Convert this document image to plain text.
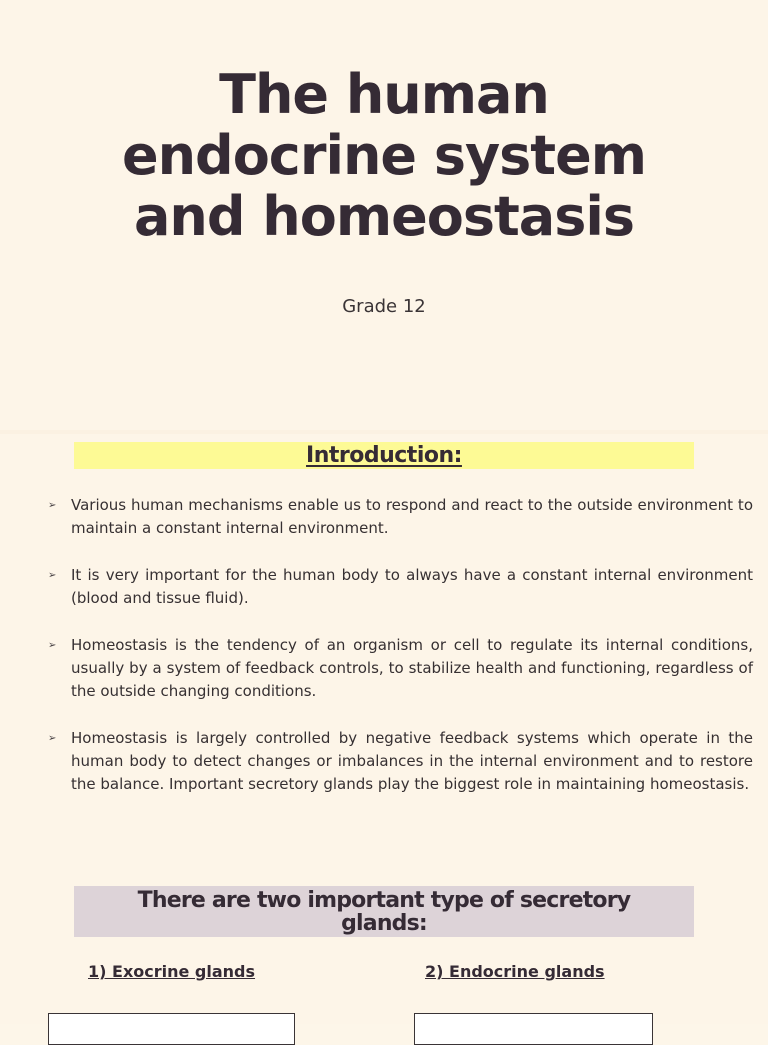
The human
endocrine system
and homeostasis
Grade 12
Introduction:
➢ Various human mechanisms enable us to respond and react to the outside environment to maintain a constant internal environment.
➢ It is very important for the human body to always have a constant internal environment (blood and tissue fluid).
➢ Homeostasis is the tendency of an organism or cell to regulate its internal conditions, usually by a system of feedback controls, to stabilize health and functioning, regardless of the outside changing conditions.
➢ Homeostasis is largely controlled by negative feedback systems which operate in the human body to detect changes or imbalances in the internal environment and to restore the balance. Important secretory glands play the biggest role in maintaining homeostasis.
There are two important type of secretory
glands:
1) Exocrine glands	2) Endocrine glands
